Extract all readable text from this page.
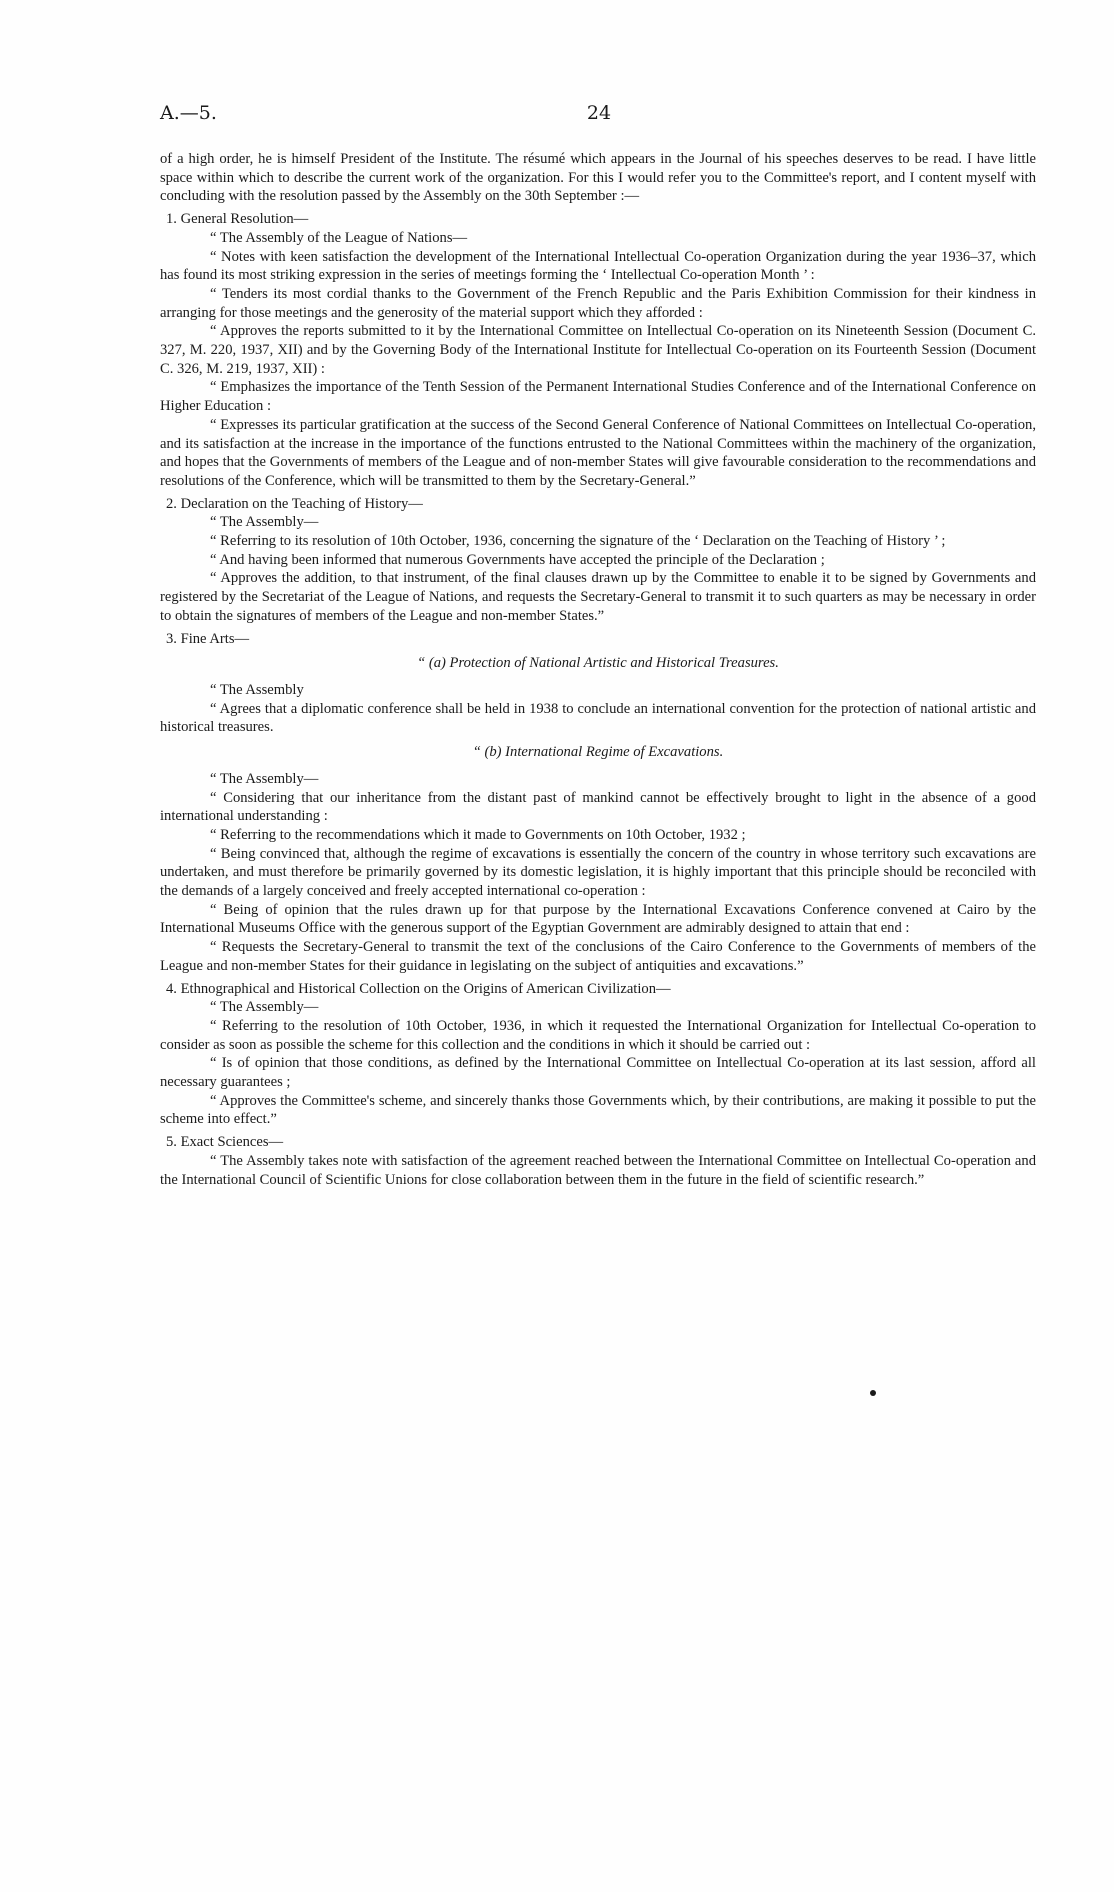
A.—5.	24

of a high order, he is himself President of the Institute. The résumé which appears in the Journal of his speeches deserves to be read. I have little space within which to describe the current work of the organization. For this I would refer you to the Committee's report, and I content myself with concluding with the resolution passed by the Assembly on the 30th September :—

1. General Resolution—

“ The Assembly of the League of Nations—

“ Notes with keen satisfaction the development of the International Intellectual Co-operation Organization during the year 1936–37, which has found its most striking expression in the series of meetings forming the ‘ Intellectual Co-operation Month ’ :

“ Tenders its most cordial thanks to the Government of the French Republic and the Paris Exhibition Commission for their kindness in arranging for those meetings and the generosity of the material support which they afforded :

“ Approves the reports submitted to it by the International Committee on Intellectual Co-operation on its Nineteenth Session (Document C. 327, M. 220, 1937, XII) and by the Governing Body of the International Institute for Intellectual Co-operation on its Fourteenth Session (Document C. 326, M. 219, 1937, XII) :

“ Emphasizes the importance of the Tenth Session of the Permanent International Studies Conference and of the International Conference on Higher Education :

“ Expresses its particular gratification at the success of the Second General Conference of National Committees on Intellectual Co-operation, and its satisfaction at the increase in the importance of the functions entrusted to the National Committees within the machinery of the organization, and hopes that the Governments of members of the League and of non-member States will give favourable consideration to the recommendations and resolutions of the Conference, which will be transmitted to them by the Secretary-General.”

2. Declaration on the Teaching of History—

“ The Assembly—

“ Referring to its resolution of 10th October, 1936, concerning the signature of the ‘ Declaration on the Teaching of History ’ ;

“ And having been informed that numerous Governments have accepted the principle of the Declaration ;

“ Approves the addition, to that instrument, of the final clauses drawn up by the Committee to enable it to be signed by Governments and registered by the Secretariat of the League of Nations, and requests the Secretary-General to transmit it to such quarters as may be necessary in order to obtain the signatures of members of the League and non-member States.”

3. Fine Arts—

“ (a) Protection of National Artistic and Historical Treasures.

“ The Assembly

“ Agrees that a diplomatic conference shall be held in 1938 to conclude an international convention for the protection of national artistic and historical treasures.

“ (b) International Regime of Excavations.

“ The Assembly—

“ Considering that our inheritance from the distant past of mankind cannot be effectively brought to light in the absence of a good international understanding :

“ Referring to the recommendations which it made to Governments on 10th October, 1932 ;

“ Being convinced that, although the regime of excavations is essentially the concern of the country in whose territory such excavations are undertaken, and must therefore be primarily governed by its domestic legislation, it is highly important that this principle should be reconciled with the demands of a largely conceived and freely accepted international co-operation :

“ Being of opinion that the rules drawn up for that purpose by the International Excavations Conference convened at Cairo by the International Museums Office with the generous support of the Egyptian Government are admirably designed to attain that end :

“ Requests the Secretary-General to transmit the text of the conclusions of the Cairo Conference to the Governments of members of the League and non-member States for their guidance in legislating on the subject of antiquities and excavations.”

4. Ethnographical and Historical Collection on the Origins of American Civilization—

“ The Assembly—

“ Referring to the resolution of 10th October, 1936, in which it requested the International Organization for Intellectual Co-operation to consider as soon as possible the scheme for this collection and the conditions in which it should be carried out :

“ Is of opinion that those conditions, as defined by the International Committee on Intellectual Co-operation at its last session, afford all necessary guarantees ;

“ Approves the Committee's scheme, and sincerely thanks those Governments which, by their contributions, are making it possible to put the scheme into effect.”

5. Exact Sciences—

“ The Assembly takes note with satisfaction of the agreement reached between the International Committee on Intellectual Co-operation and the International Council of Scientific Unions for close collaboration between them in the future in the field of scientific research.”
